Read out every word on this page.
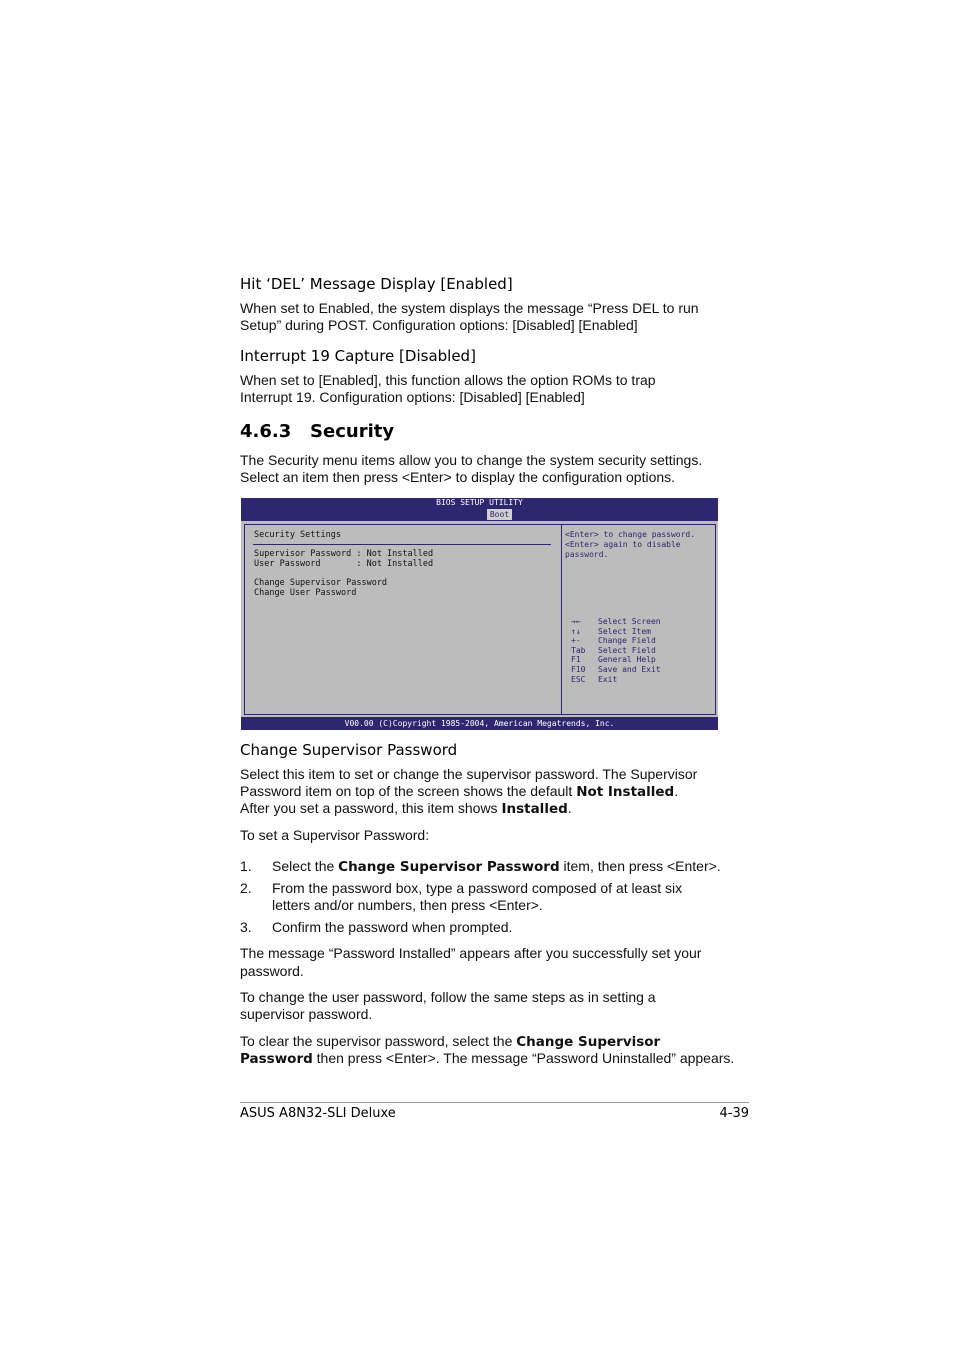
Hit ‘DEL’ Message Display [Enabled]

When set to Enabled, the system displays the message “Press DEL to run

Setup” during POST. Configuration options: [Disabled] [Enabled]

Interrupt 19 Capture [Disabled]

When set to [Enabled], this function allows the option ROMs to trap

Interrupt 19. Configuration options: [Disabled] [Enabled]

4.6.3   Security

The Security menu items allow you to change the system security settings.

Select an item then press <Enter> to display the configuration options.

BIOS SETUP UTILITY
Boot
Security Settings
Supervisor Password : Not Installed
User Password       : Not Installed
Change Supervisor Password
Change User Password
<Enter> to change password.
<Enter> again to disable
password.
→← Select Screen
↑↓ Select Item
+- Change Field
Tab Select Field
F1 General Help
F10 Save and Exit
ESC Exit
V00.00 (C)Copyright 1985-2004, American Megatrends, Inc.
Change Supervisor Password

Select this item to set or change the supervisor password. The Supervisor

Password item on top of the screen shows the default Not Installed.

After you set a password, this item shows Installed.

To set a Supervisor Password:

1. Select the Change Supervisor Password item, then press <Enter>.

2. From the password box, type a password composed of at least six

letters and/or numbers, then press <Enter>.

3. Confirm the password when prompted.

The message “Password Installed” appears after you successfully set your

password.

To change the user password, follow the same steps as in setting a

supervisor password.

To clear the supervisor password, select the Change Supervisor

Password then press <Enter>. The message “Password Uninstalled” appears.

ASUS A8N32-SLI Deluxe	4-39
